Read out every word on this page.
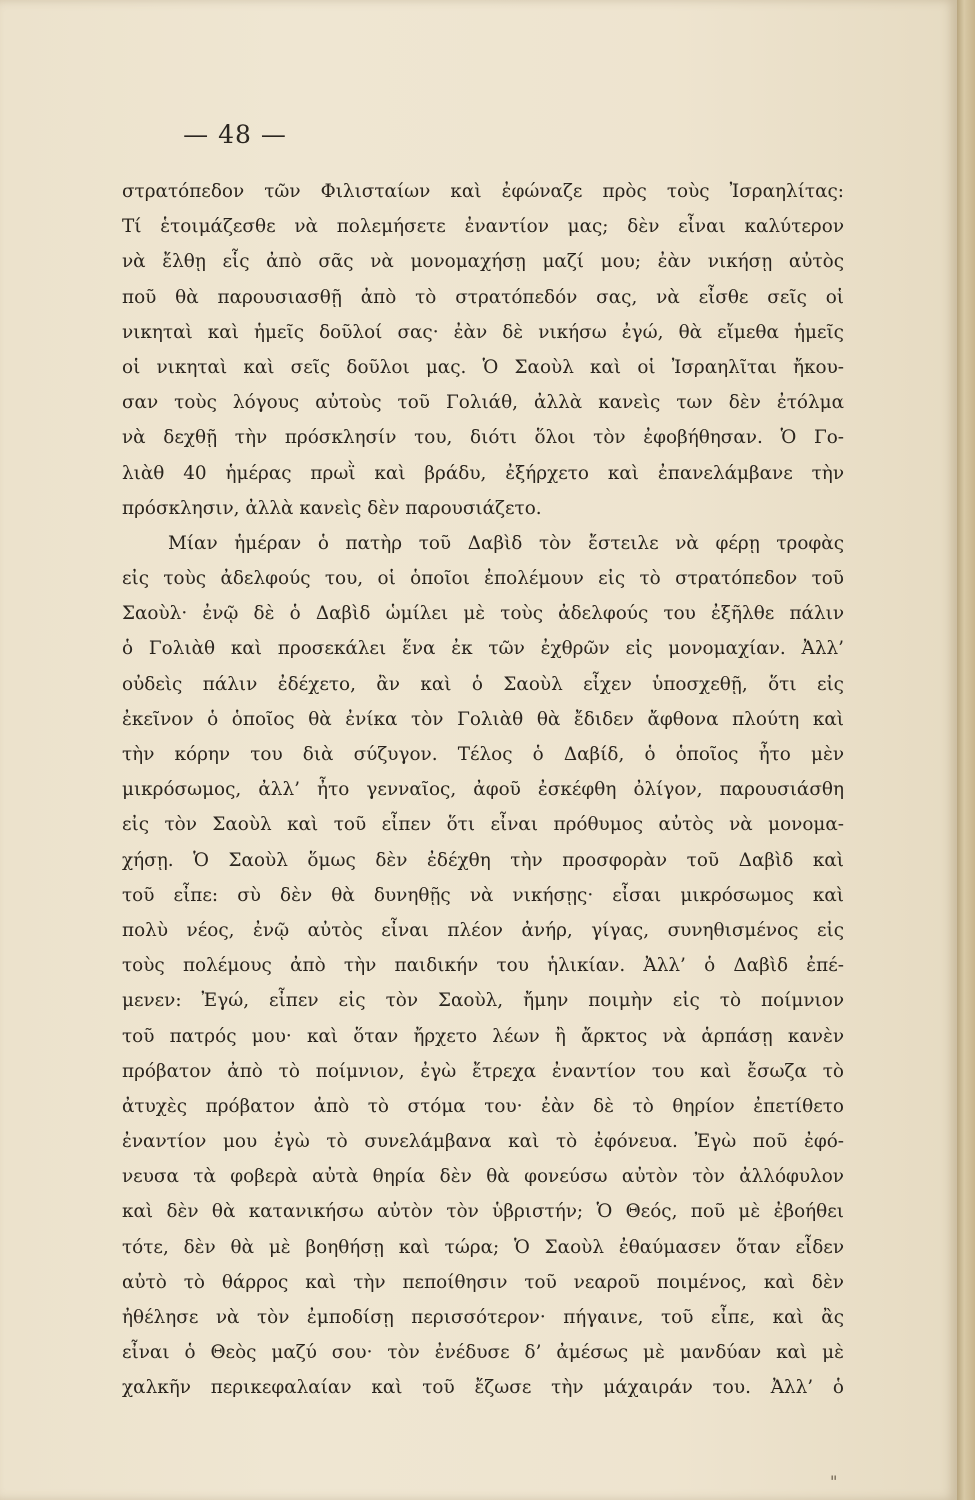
— 48 —
στρατόπεδον τῶν Φιλισταίων καὶ ἐφώναζε πρὸς τοὺς Ἰσραηλίτας:
Τί ἑτοιμάζεσθε νὰ πολεμήσετε ἐναντίον μας; δὲν εἶναι καλύτερον
νὰ ἔλθῃ εἷς ἀπὸ σᾶς νὰ μονομαχήσῃ μαζί μου; ἐὰν νικήσῃ αὐτὸς
ποῦ θὰ παρουσιασθῇ ἀπὸ τὸ στρατόπεδόν σας, νὰ εἶσθε σεῖς οἱ
νικηταὶ καὶ ἡμεῖς δοῦλοί σας· ἐὰν δὲ νικήσω ἐγώ, θὰ εἴμεθα ἡμεῖς
οἱ νικηταὶ καὶ σεῖς δοῦλοι μας. Ὁ Σαοὺλ καὶ οἱ Ἰσραηλῖται ἤκου-
σαν τοὺς λόγους αὐτοὺς τοῦ Γολιάθ, ἀλλὰ κανεὶς των δὲν ἐτόλμα
νὰ δεχθῇ τὴν πρόσκλησίν του, διότι ὅλοι τὸν ἐφοβήθησαν. Ὁ Γο-
λιὰθ 40 ἡμέρας πρωῒ καὶ βράδυ, ἐξήρχετο καὶ ἐπανελάμβανε τὴν
πρόσκλησιν, ἀλλὰ κανεὶς δὲν παρουσιάζετο.
Μίαν ἡμέραν ὁ πατὴρ τοῦ Δαβὶδ τὸν ἔστειλε νὰ φέρῃ τροφὰς
εἰς τοὺς ἀδελφούς του, οἱ ὁποῖοι ἐπολέμουν εἰς τὸ στρατόπεδον τοῦ
Σαοὺλ· ἐνῷ δὲ ὁ Δαβὶδ ὡμίλει μὲ τοὺς ἀδελφούς του ἐξῆλθε πάλιν
ὁ Γολιὰθ καὶ προσεκάλει ἕνα ἐκ τῶν ἐχθρῶν εἰς μονομαχίαν. Ἀλλ’
οὐδεὶς πάλιν ἐδέχετο, ἂν καὶ ὁ Σαοὺλ εἶχεν ὑποσχεθῇ, ὅτι εἰς
ἐκεῖνον ὁ ὁποῖος θὰ ἐνίκα τὸν Γολιὰθ θὰ ἔδιδεν ἄφθονα πλούτη καὶ
τὴν κόρην του διὰ σύζυγον. Τέλος ὁ Δαβίδ, ὁ ὁποῖος ἦτο μὲν
μικρόσωμος, ἀλλ’ ἦτο γενναῖος, ἀφοῦ ἐσκέφθη ὀλίγον, παρουσιάσθη
εἰς τὸν Σαοὺλ καὶ τοῦ εἶπεν ὅτι εἶναι πρόθυμος αὐτὸς νὰ μονομα-
χήσῃ. Ὁ Σαοὺλ ὅμως δὲν ἐδέχθη τὴν προσφορὰν τοῦ Δαβὶδ καὶ
τοῦ εἶπε: σὺ δὲν θὰ δυνηθῇς νὰ νικήσῃς· εἶσαι μικρόσωμος καὶ
πολὺ νέος, ἐνῷ αὐτὸς εἶναι πλέον ἀνήρ, γίγας, συνηθισμένος εἰς
τοὺς πολέμους ἀπὸ τὴν παιδικήν του ἡλικίαν. Ἀλλ’ ὁ Δαβὶδ ἐπέ-
μενεν: Ἐγώ, εἶπεν εἰς τὸν Σαοὺλ, ἤμην ποιμὴν εἰς τὸ ποίμνιον
τοῦ πατρός μου· καὶ ὅταν ἤρχετο λέων ἢ ἄρκτος νὰ ἁρπάσῃ κανὲν
πρόβατον ἀπὸ τὸ ποίμνιον, ἐγὼ ἔτρεχα ἐναντίον του καὶ ἔσωζα τὸ
ἀτυχὲς πρόβατον ἀπὸ τὸ στόμα του· ἐὰν δὲ τὸ θηρίον ἐπετίθετο
ἐναντίον μου ἐγὼ τὸ συνελάμβανα καὶ τὸ ἐφόνευα. Ἐγὼ ποῦ ἐφό-
νευσα τὰ φοβερὰ αὐτὰ θηρία δὲν θὰ φονεύσω αὐτὸν τὸν ἀλλόφυλον
καὶ δὲν θὰ κατανικήσω αὐτὸν τὸν ὑβριστήν; Ὁ Θεός, ποῦ μὲ ἐβοήθει
τότε, δὲν θὰ μὲ βοηθήσῃ καὶ τώρα; Ὁ Σαοὺλ ἐθαύμασεν ὅταν εἶδεν
αὐτὸ τὸ θάρρος καὶ τὴν πεποίθησιν τοῦ νεαροῦ ποιμένος, καὶ δὲν
ἠθέλησε νὰ τὸν ἐμποδίσῃ περισσότερον· πήγαινε, τοῦ εἶπε, καὶ ἂς
εἶναι ὁ Θεὸς μαζύ σου· τὸν ἐνέδυσε δ’ ἀμέσως μὲ μανδύαν καὶ μὲ
χαλκῆν περικεφαλαίαν καὶ τοῦ ἔζωσε τὴν μάχαιράν του. Ἀλλ’ ὁ
"
